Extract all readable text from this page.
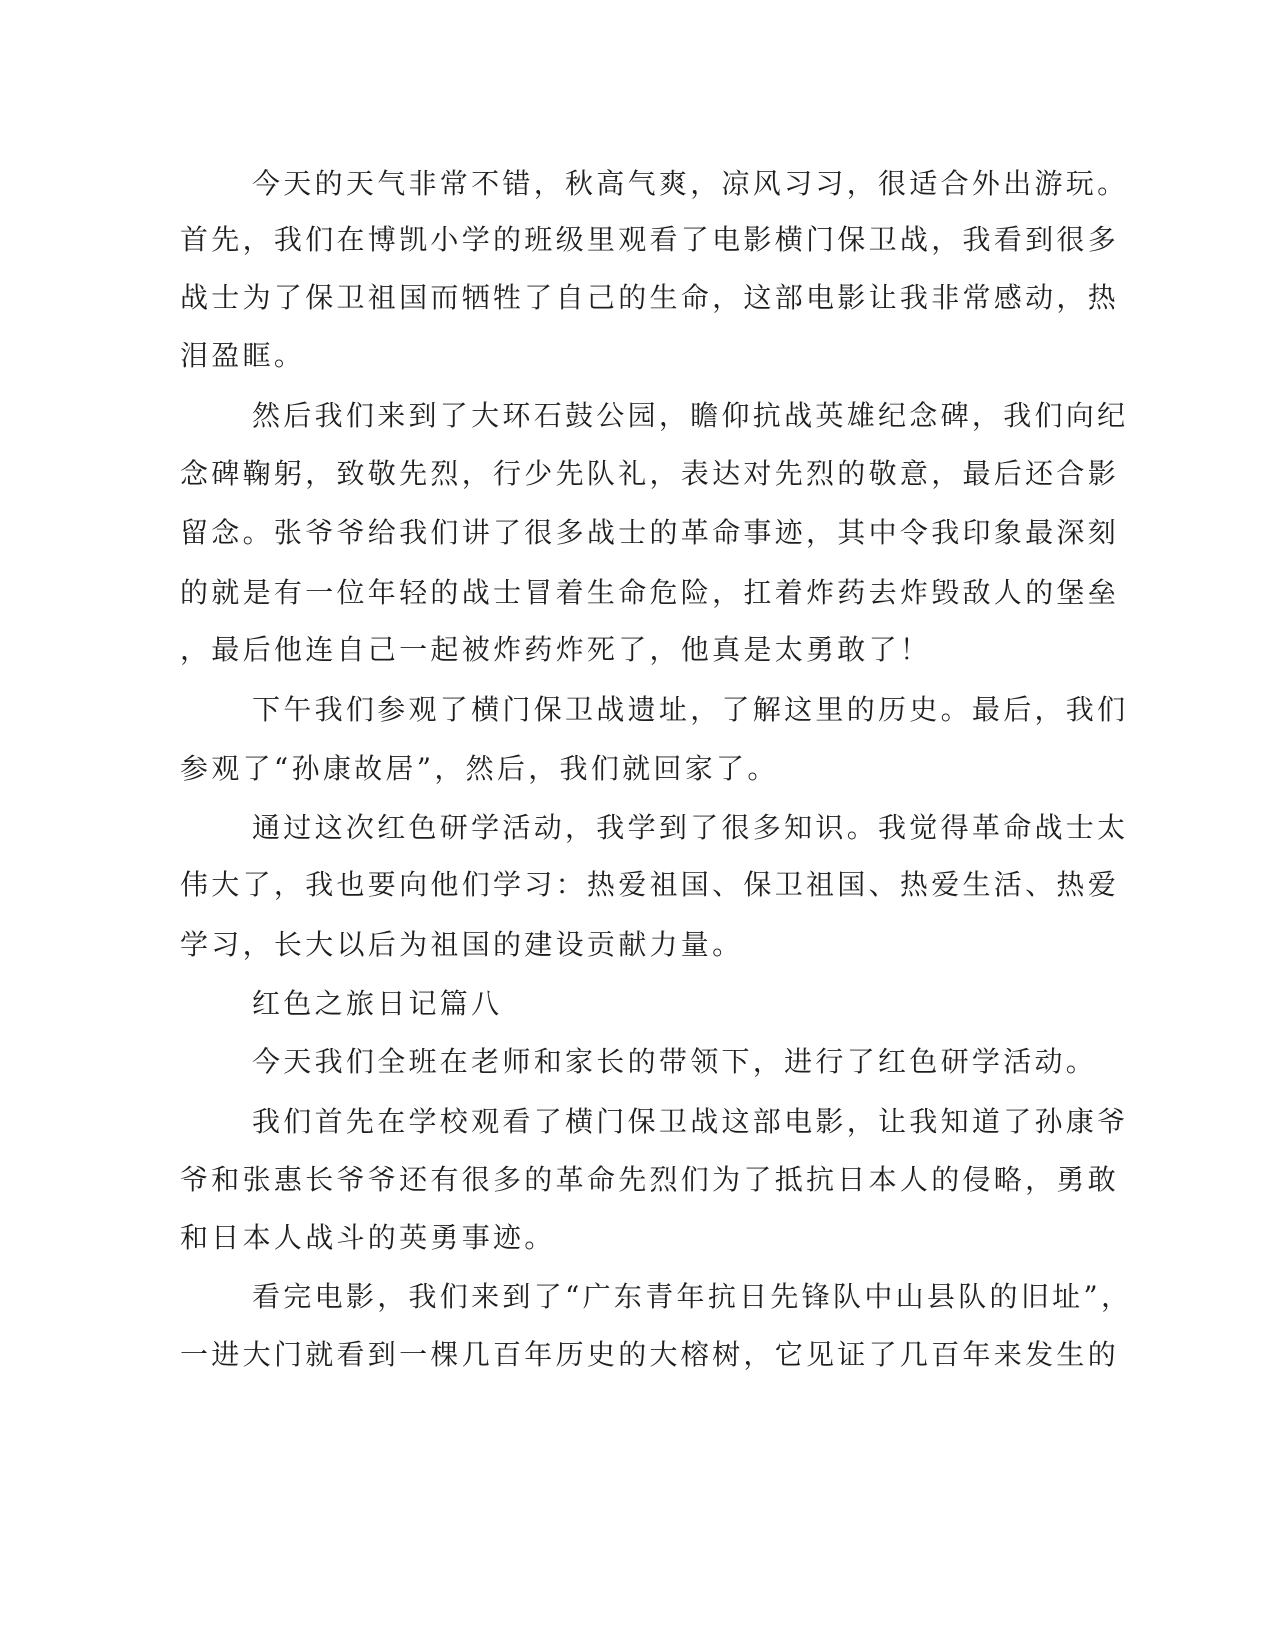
今天的天气非常不错，秋高气爽，凉风习习，很适合外出游玩。

首先，我们在博凯小学的班级里观看了电影横门保卫战，我看到很多

战士为了保卫祖国而牺牲了自己的生命，这部电影让我非常感动，热

泪盈眶。

然后我们来到了大环石鼓公园，瞻仰抗战英雄纪念碑，我们向纪

念碑鞠躬，致敬先烈，行少先队礼，表达对先烈的敬意，最后还合影

留念。张爷爷给我们讲了很多战士的革命事迹，其中令我印象最深刻

的就是有一位年轻的战士冒着生命危险，扛着炸药去炸毁敌人的堡垒

，最后他连自己一起被炸药炸死了，他真是太勇敢了！

下午我们参观了横门保卫战遗址，了解这里的历史。最后，我们

参观了“孙康故居”，然后，我们就回家了。

通过这次红色研学活动，我学到了很多知识。我觉得革命战士太

伟大了，我也要向他们学习：热爱祖国、保卫祖国、热爱生活、热爱

学习，长大以后为祖国的建设贡献力量。

红色之旅日记篇八

今天我们全班在老师和家长的带领下，进行了红色研学活动。

我们首先在学校观看了横门保卫战这部电影，让我知道了孙康爷

爷和张惠长爷爷还有很多的革命先烈们为了抵抗日本人的侵略，勇敢

和日本人战斗的英勇事迹。

看完电影，我们来到了“广东青年抗日先锋队中山县队的旧址”，

一进大门就看到一棵几百年历史的大榕树，它见证了几百年来发生的
